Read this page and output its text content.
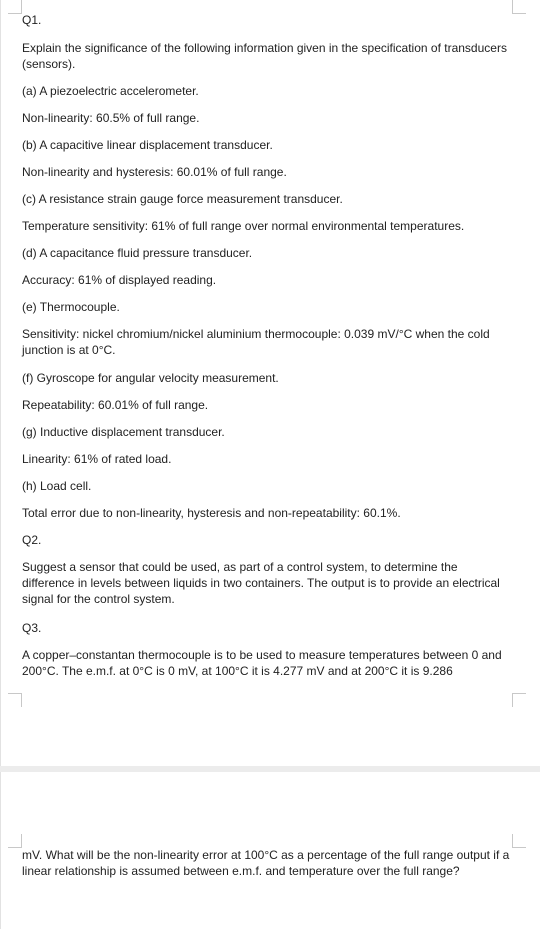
Q1.

Explain the significance of the following information given in the specification of transducers (sensors).

(a) A piezoelectric accelerometer.

Non-linearity: 60.5% of full range.

(b) A capacitive linear displacement transducer.

Non-linearity and hysteresis: 60.01% of full range.

(c) A resistance strain gauge force measurement transducer.

Temperature sensitivity: 61% of full range over normal environmental temperatures.

(d) A capacitance fluid pressure transducer.

Accuracy: 61% of displayed reading.

(e) Thermocouple.

Sensitivity: nickel chromium/nickel aluminium thermocouple: 0.039 mV/°C when the cold junction is at 0°C.

(f) Gyroscope for angular velocity measurement.

Repeatability: 60.01% of full range.

(g) Inductive displacement transducer.

Linearity: 61% of rated load.

(h) Load cell.

Total error due to non-linearity, hysteresis and non-repeatability: 60.1%.

Q2.

Suggest a sensor that could be used, as part of a control system, to determine the difference in levels between liquids in two containers. The output is to provide an electrical signal for the control system.

Q3.

A copper–constantan thermocouple is to be used to measure temperatures between 0 and 200°C. The e.m.f. at 0°C is 0 mV, at 100°C it is 4.277 mV and at 200°C it is 9.286

mV. What will be the non-linearity error at 100°C as a percentage of the full range output if a linear relationship is assumed between e.m.f. and temperature over the full range?
